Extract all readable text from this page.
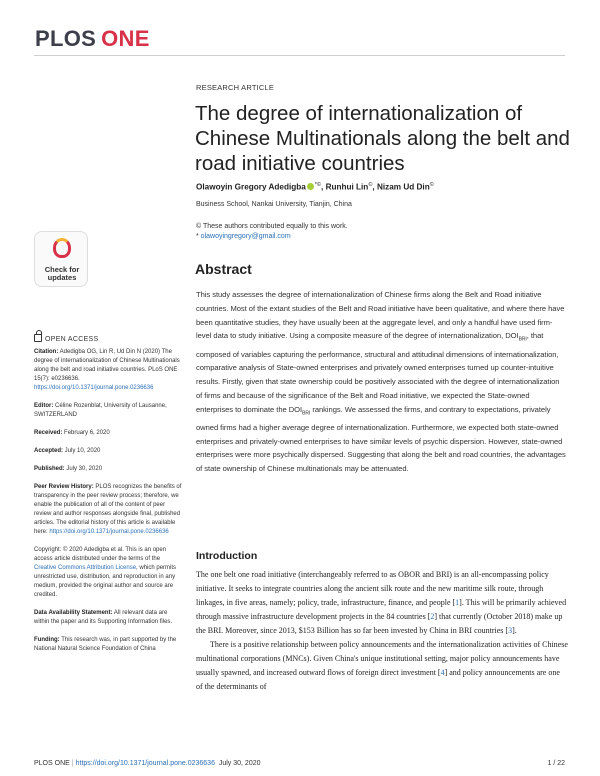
PLOS ONE
RESEARCH ARTICLE
The degree of internationalization of Chinese Multinationals along the belt and road initiative countries
Olawoyin Gregory Adedigba *©, Runhui Lin©, Nizam Ud Din©
Business School, Nankai University, Tianjin, China
© These authors contributed equally to this work.
* olawoyingregory@gmail.com
Check for
updates
OPEN ACCESS
Citation: Adedigba OG, Lin R, Ud Din N (2020) The degree of internationalization of Chinese Multinationals along the belt and road initiative countries. PLoS ONE 15(7): e0236636. https://doi.org/10.1371/journal.pone.0236636
Editor: Céline Rozenblat, University of Lausanne, SWITZERLAND
Received: February 6, 2020
Accepted: July 10, 2020
Published: July 30, 2020
Peer Review History: PLOS recognizes the benefits of transparency in the peer review process; therefore, we enable the publication of all of the content of peer review and author responses alongside final, published articles. The editorial history of this article is available here: https://doi.org/10.1371/journal.pone.0236636
Copyright: © 2020 Adedigba et al. This is an open access article distributed under the terms of the Creative Commons Attribution License, which permits unrestricted use, distribution, and reproduction in any medium, provided the original author and source are credited.
Data Availability Statement: All relevant data are within the paper and its Supporting Information files.
Funding: This research was, in part supported by the National Natural Science Foundation of China
Abstract
This study assesses the degree of internationalization of Chinese firms along the Belt and Road initiative countries. Most of the extant studies of the Belt and Road initiative have been qualitative, and where there have been quantitative studies, they have usually been at the aggregate level, and only a handful have used firm-level data to study initiative. Using a composite measure of the degree of internationalization, $DOI_{BRI}$, that composed of variables capturing the performance, structural and attitudinal dimensions of internationalization, comparative analysis of State-owned enterprises and privately owned enterprises turned up counter-intuitive results. Firstly, given that state ownership could be positively associated with the degree of internationalization of firms and because of the significance of the Belt and Road initiative, we expected the State-owned enterprises to dominate the $DOI_{BRI}$ rankings. We assessed the firms, and contrary to expectations, privately owned firms had a higher average degree of internationalization. Furthermore, we expected both state-owned enterprises and privately-owned enterprises to have similar levels of psychic dispersion. However, state-owned enterprises were more psychically dispersed. Suggesting that along the belt and road countries, the advantages of state ownership of Chinese multinationals may be attenuated.
Introduction

The one belt one road initiative (interchangeably referred to as OBOR and BRI) is an all-encompassing policy initiative. It seeks to integrate countries along the ancient silk route and the new maritime silk route, through linkages, in five areas, namely; policy, trade, infrastructure, finance, and people [1]. This will be primarily achieved through massive infrastructure development projects in the 84 countries [2] that currently (October 2018) make up the BRI. Moreover, since 2013, $153 Billion has so far been invested by China in BRI countries [3].

There is a positive relationship between policy announcements and the internationalization activities of Chinese multinational corporations (MNCs). Given China's unique institutional setting, major policy announcements have usually spawned, and increased outward flows of foreign direct investment [4] and policy announcements are one of the determinants of

PLOS ONE | https://doi.org/10.1371/journal.pone.0236636 July 30, 2020	1 / 22
